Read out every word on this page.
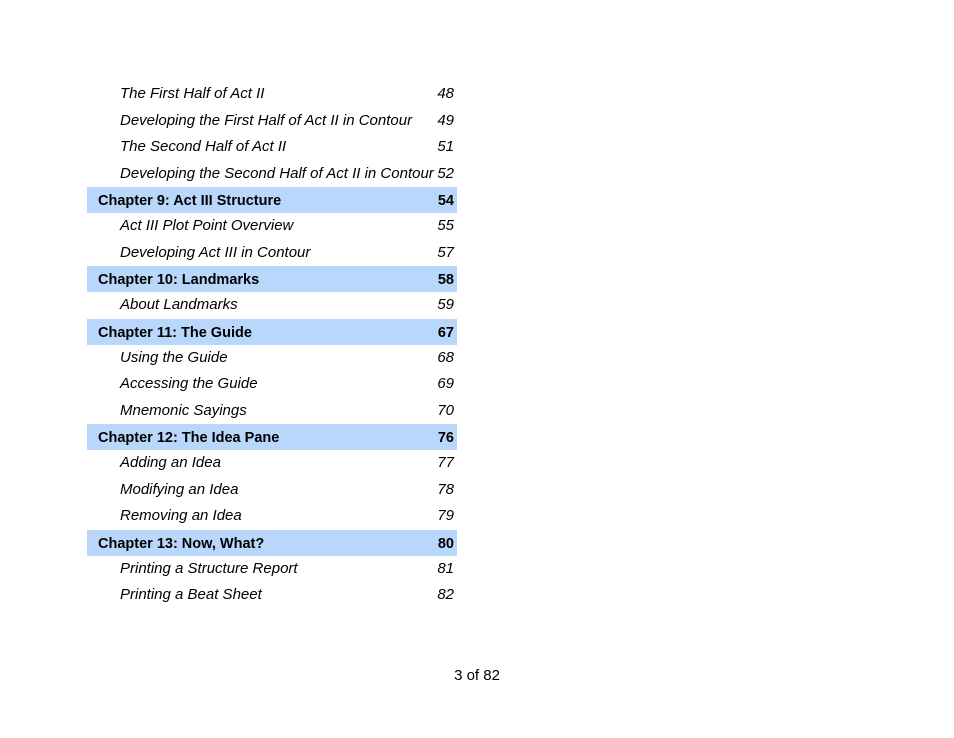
The First Half of Act II	48
Developing the First Half of Act II in Contour 49
The Second Half of Act II	51
Developing the Second Half of Act II in Contour 52
Chapter 9: Act III Structure	54
Act III Plot Point Overview	55
Developing Act III in Contour	57
Chapter 10: Landmarks	58
About Landmarks	59
Chapter 11: The Guide	67
Using the Guide	68
Accessing the Guide	69
Mnemonic Sayings	70
Chapter 12: The Idea Pane	76
Adding an Idea	77
Modifying an Idea	78
Removing an Idea	79
Chapter 13: Now, What?	80
Printing a Structure Report	81
Printing a Beat Sheet	82
3 of 82
